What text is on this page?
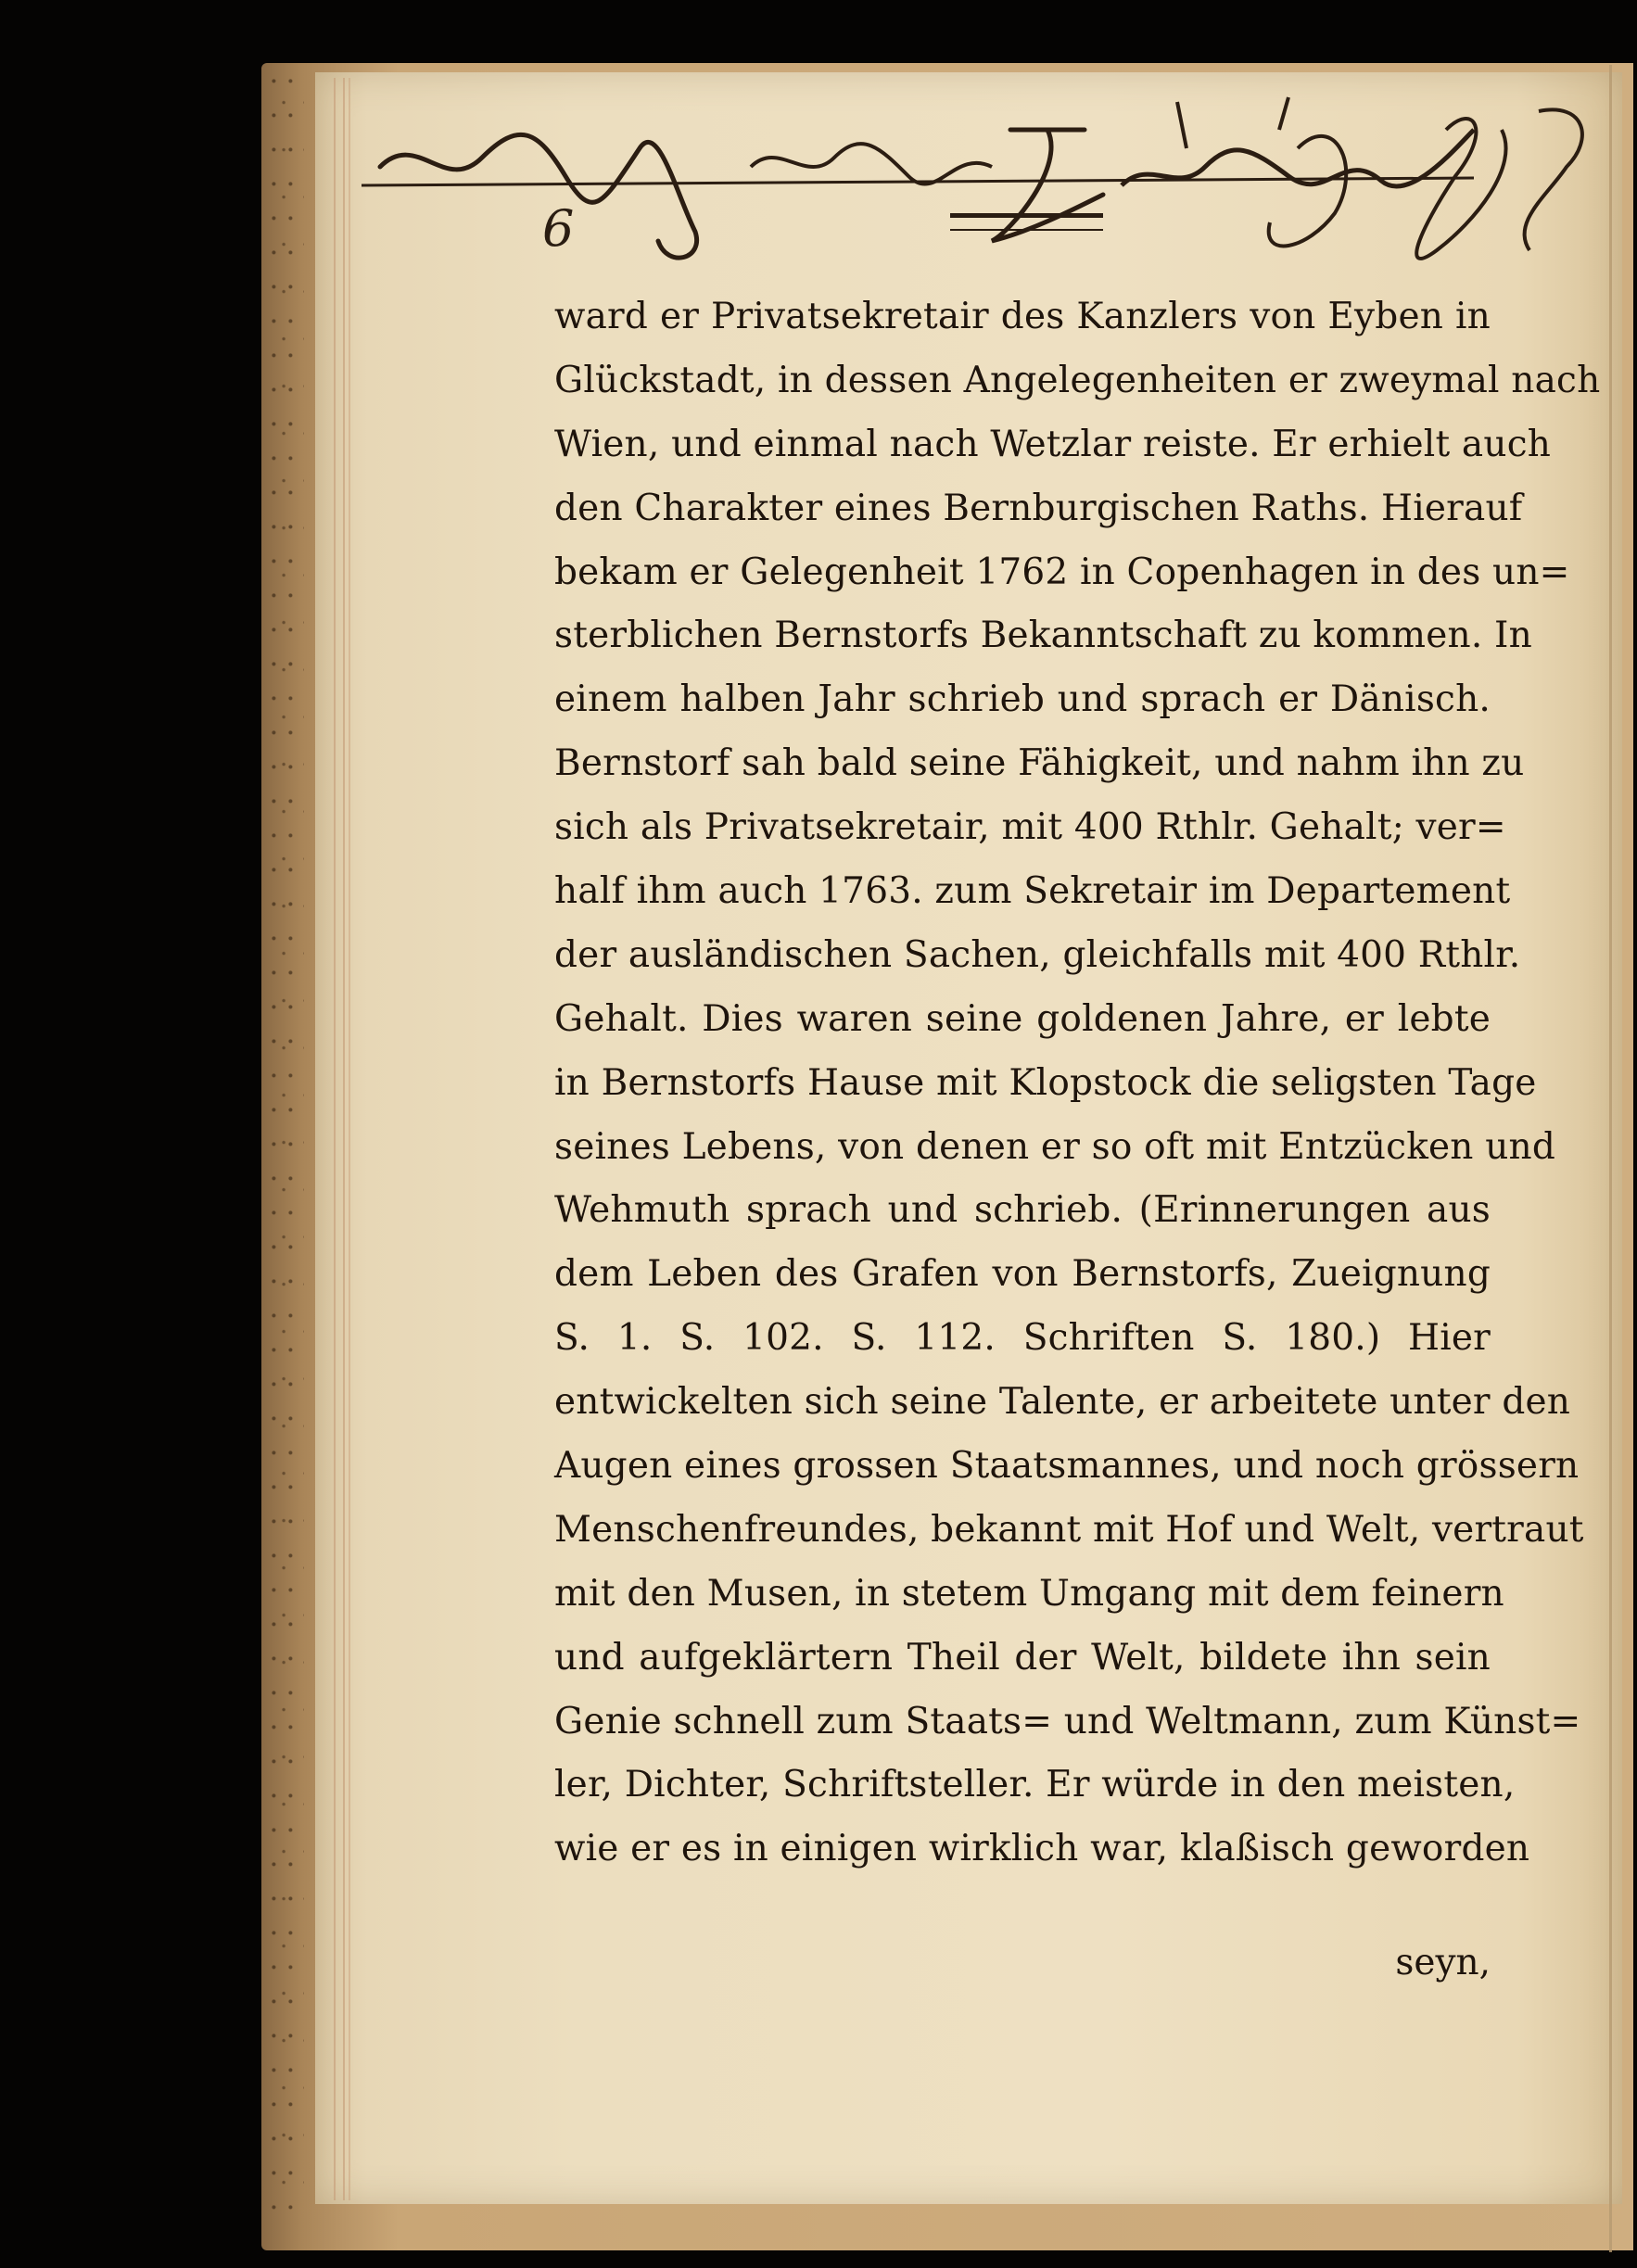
6
ward er Privatsekretair des Kanzlers von Eyben in
Glückstadt, in dessen Angelegenheiten er zweymal nach
Wien, und einmal nach Wetzlar reiste. Er erhielt auch
den Charakter eines Bernburgischen Raths. Hierauf
bekam er Gelegenheit 1762 in Copenhagen in des un=
sterblichen Bernstorfs Bekanntschaft zu kommen. In
einem halben Jahr schrieb und sprach er Dänisch.
Bernstorf sah bald seine Fähigkeit, und nahm ihn zu
sich als Privatsekretair, mit 400 Rthlr. Gehalt; ver=
half ihm auch 1763. zum Sekretair im Departement
der ausländischen Sachen, gleichfalls mit 400 Rthlr.
Gehalt. Dies waren seine goldenen Jahre, er lebte
in Bernstorfs Hause mit Klopstock die seligsten Tage
seines Lebens, von denen er so oft mit Entzücken und
Wehmuth sprach und schrieb. (Erinnerungen aus
dem Leben des Grafen von Bernstorfs, Zueignung
S. 1. S. 102. S. 112. Schriften S. 180.) Hier
entwickelten sich seine Talente, er arbeitete unter den
Augen eines grossen Staatsmannes, und noch grössern
Menschenfreundes, bekannt mit Hof und Welt, vertraut
mit den Musen, in stetem Umgang mit dem feinern
und aufgeklärtern Theil der Welt, bildete ihn sein
Genie schnell zum Staats= und Weltmann, zum Künst=
ler, Dichter, Schriftsteller. Er würde in den meisten,
wie er es in einigen wirklich war, klaßisch geworden
seyn,
